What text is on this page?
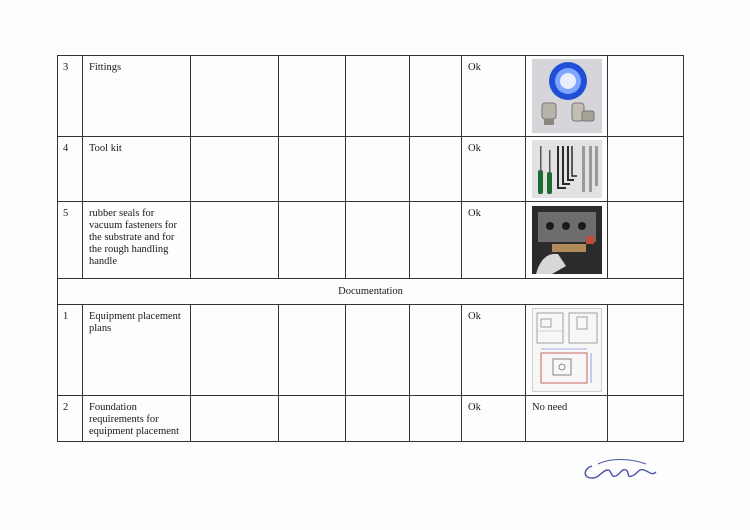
3	Fittings					Ok	

4	Tool kit					Ok	

5	rubber seals for vacuum fasteners for the substrate and for the rough handling handle					Ok	

Documentation								
1	Equipment placement plans					Ok	

2	Foundation requirements for equipment placement					Ok	No need	
